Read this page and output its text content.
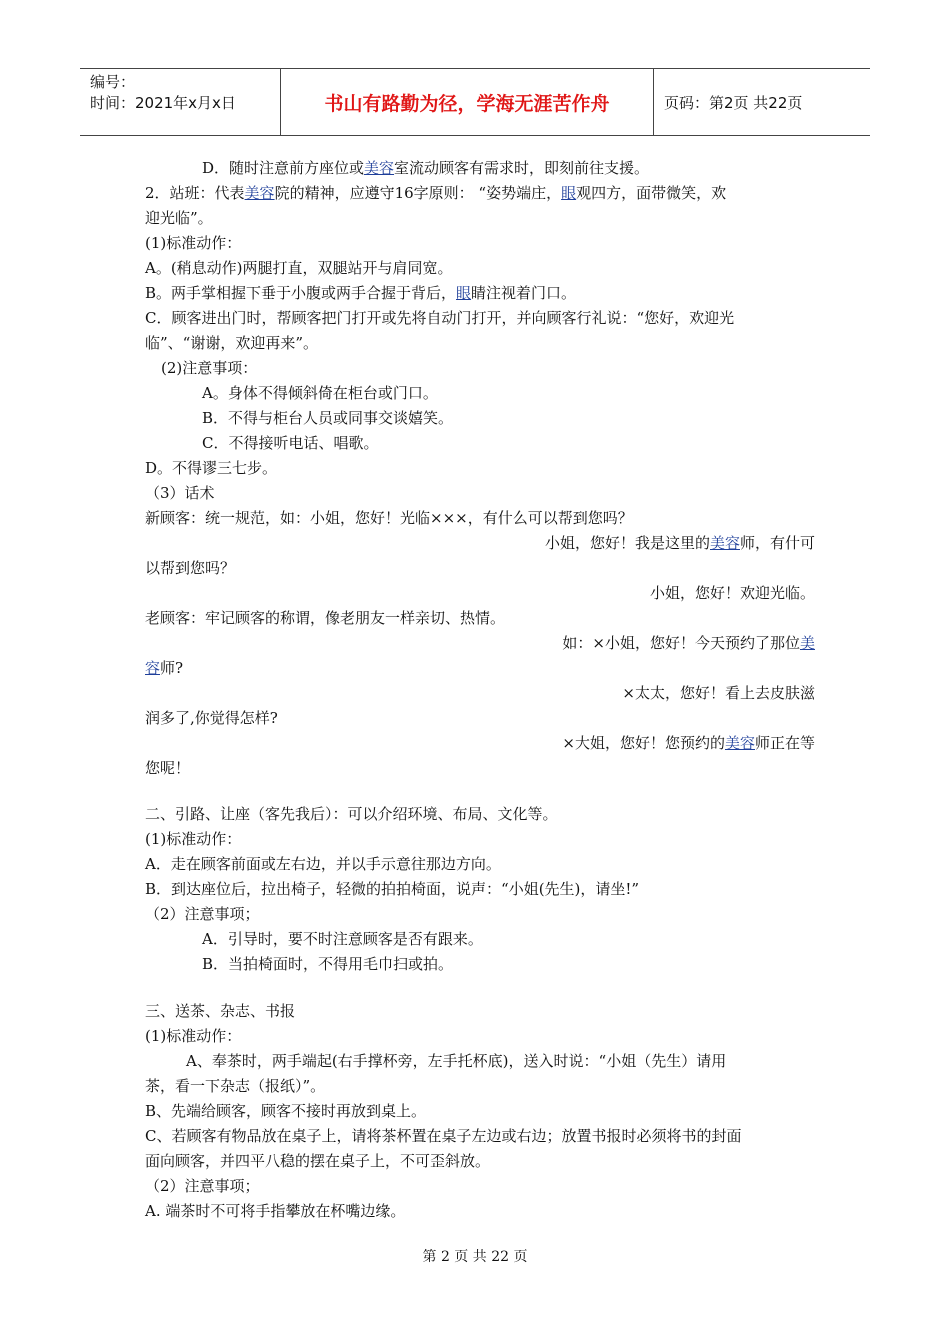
编号：
时间：2021年x月x日	书山有路勤为径，学海无涯苦作舟	页码：第2页 共22页
D．随时注意前方座位或美容室流动顾客有需求时，即刻前往支援。
2．站班：代表美容院的精神，应遵守16字原则： “姿势端庄，眼观四方，面带微笑，欢
迎光临”。
(1)标准动作：
A。(稍息动作)两腿打直，双腿站开与肩同宽。
B。两手掌相握下垂于小腹或两手合握于背后，眼睛注视着门口。
C．顾客进出门时，帮顾客把门打开或先将自动门打开，并向顾客行礼说：“您好，欢迎光
临”、“谢谢，欢迎再来”。
(2)注意事项：
A。身体不得倾斜倚在柜台或门口。
B．不得与柜台人员或同事交谈嬉笑。
C．不得接听电话、唱歌。
D。不得谬三七步。
（3）话术
新顾客：统一规范，如：小姐，您好！光临×××，有什么可以帮到您吗？
小姐，您好！我是这里的美容师，有什可
以帮到您吗？
小姐，您好！欢迎光临。
老顾客：牢记顾客的称谓，像老朋友一样亲切、热情。
如：×小姐，您好！今天预约了那位美
容师?
×太太，您好！看上去皮肤滋
润多了,你觉得怎样?
×大姐，您好！您预约的美容师正在等
您呢！
二、引路、让座（客先我后）：可以介绍环境、布局、文化等。
(1)标准动作：
A．走在顾客前面或左右边，并以手示意往那边方向。
B．到达座位后，拉出椅子，轻微的拍拍椅面，说声：“小姐(先生)，请坐!”
（2）注意事项；
A．引导时，要不时注意顾客是否有跟来。
B．当拍椅面时，不得用毛巾扫或拍。
三、送茶、杂志、书报
(1)标准动作：
A、奉茶时，两手端起(右手撑杯旁，左手托杯底)，送入时说：“小姐（先生）请用
茶，看一下杂志（报纸）”。
B、先端给顾客，顾客不接时再放到桌上。
C、若顾客有物品放在桌子上，请将茶杯置在桌子左边或右边；放置书报时必须将书的封面
面向顾客，并四平八稳的摆在桌子上，不可歪斜放。
（2）注意事项；
A. 端茶时不可将手指攀放在杯嘴边缘。
第 2 页 共 22 页
